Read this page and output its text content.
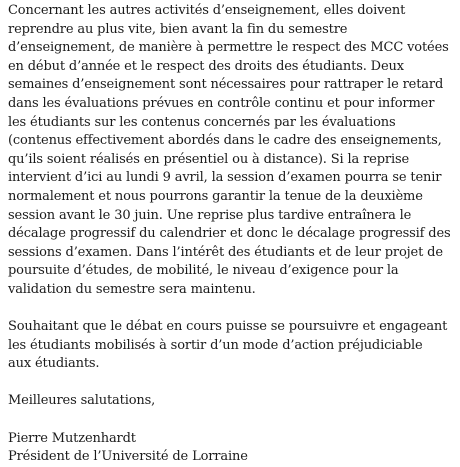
Concernant les autres activités d’enseignement, elles doivent
reprendre au plus vite, bien avant la fin du semestre
d’enseignement, de manière à permettre le respect des MCC votées
en début d’année et le respect des droits des étudiants. Deux
semaines d’enseignement sont nécessaires pour rattraper le retard
dans les évaluations prévues en contrôle continu et pour informer
les étudiants sur les contenus concernés par les évaluations
(contenus effectivement abordés dans le cadre des enseignements,
qu’ils soient réalisés en présentiel ou à distance). Si la reprise
intervient d’ici au lundi 9 avril, la session d’examen pourra se tenir
normalement et nous pourrons garantir la tenue de la deuxième
session avant le 30 juin. Une reprise plus tardive entraînera le
décalage progressif du calendrier et donc le décalage progressif des
sessions d’examen. Dans l’intérêt des étudiants et de leur projet de
poursuite d’études, de mobilité, le niveau d’exigence pour la
validation du semestre sera maintenu.
Souhaitant que le débat en cours puisse se poursuivre et engageant
les étudiants mobilisés à sortir d’un mode d’action préjudiciable
aux étudiants.
Meilleures salutations,
Pierre Mutzenhardt
Président de l’Université de Lorraine
